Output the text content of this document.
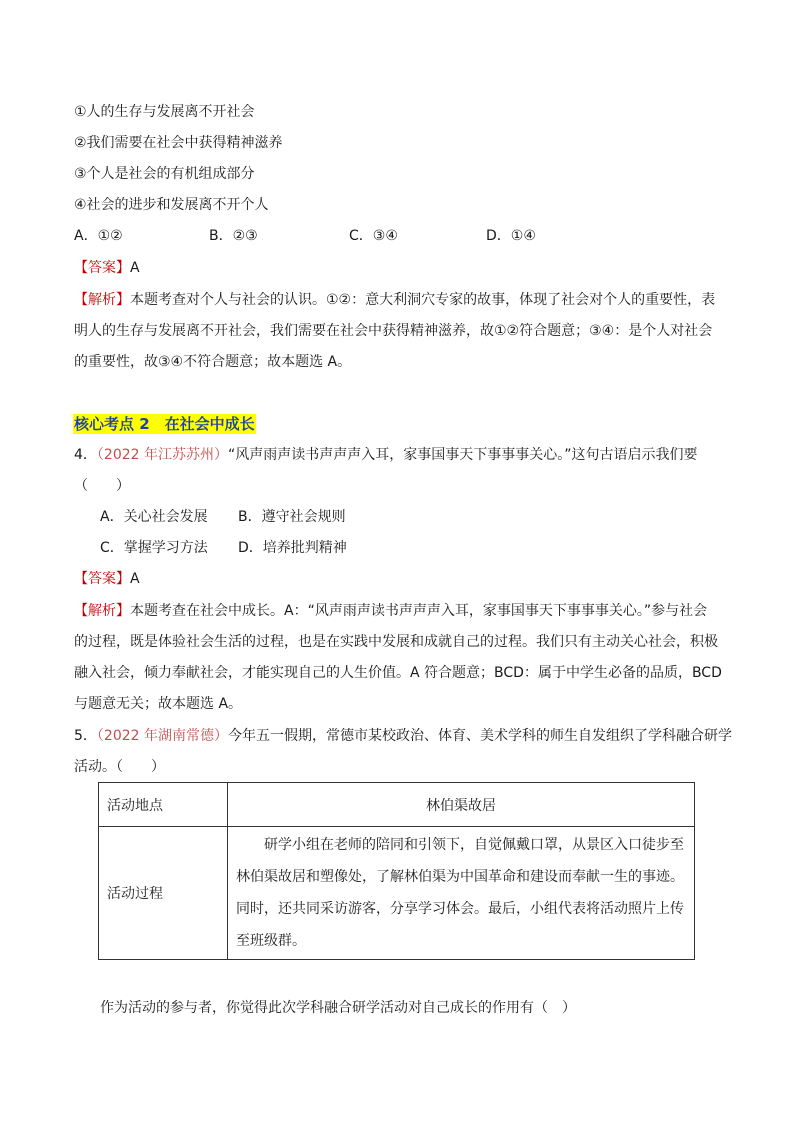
①人的生存与发展离不开社会
②我们需要在社会中获得精神滋养
③个人是社会的有机组成部分
④社会的进步和发展离不开个人
A．①②	B．②③	C．③④	D．①④
【答案】A
【解析】本题考查对个人与社会的认识。①②：意大利洞穴专家的故事，体现了社会对个人的重要性，表
明人的生存与发展离不开社会，我们需要在社会中获得精神滋养，故①②符合题意；③④：是个人对社会
的重要性，故③④不符合题意；故本题选 A。
核心考点 2　在社会中成长
4．（2022 年江苏苏州）“风声雨声读书声声声入耳，家事国事天下事事事关心。”这句古语启示我们要
（　　）
A．关心社会发展 B．遵守社会规则
C．掌握学习方法 D．培养批判精神
【答案】A
【解析】本题考查在社会中成长。A：“风声雨声读书声声声入耳，家事国事天下事事事关心。”参与社会
的过程，既是体验社会生活的过程，也是在实践中发展和成就自己的过程。我们只有主动关心社会，积极
融入社会，倾力奉献社会，才能实现自己的人生价值。A 符合题意；BCD：属于中学生必备的品质，BCD
与题意无关；故本题选 A。
5．（2022 年湖南常德）今年五一假期，常德市某校政治、体育、美术学科的师生自发组织了学科融合研学
活动。（　　）
活动地点	林伯渠故居
活动过程	研学小组在老师的陪同和引领下，自觉佩戴口罩，从景区入口徒步至林伯渠故居和塑像处，了解林伯渠为中国革命和建设而奉献一生的事迹。同时，还共同采访游客，分享学习体会。最后，小组代表将活动照片上传至班级群。
作为活动的参与者，你觉得此次学科融合研学活动对自己成长的作用有（　）
